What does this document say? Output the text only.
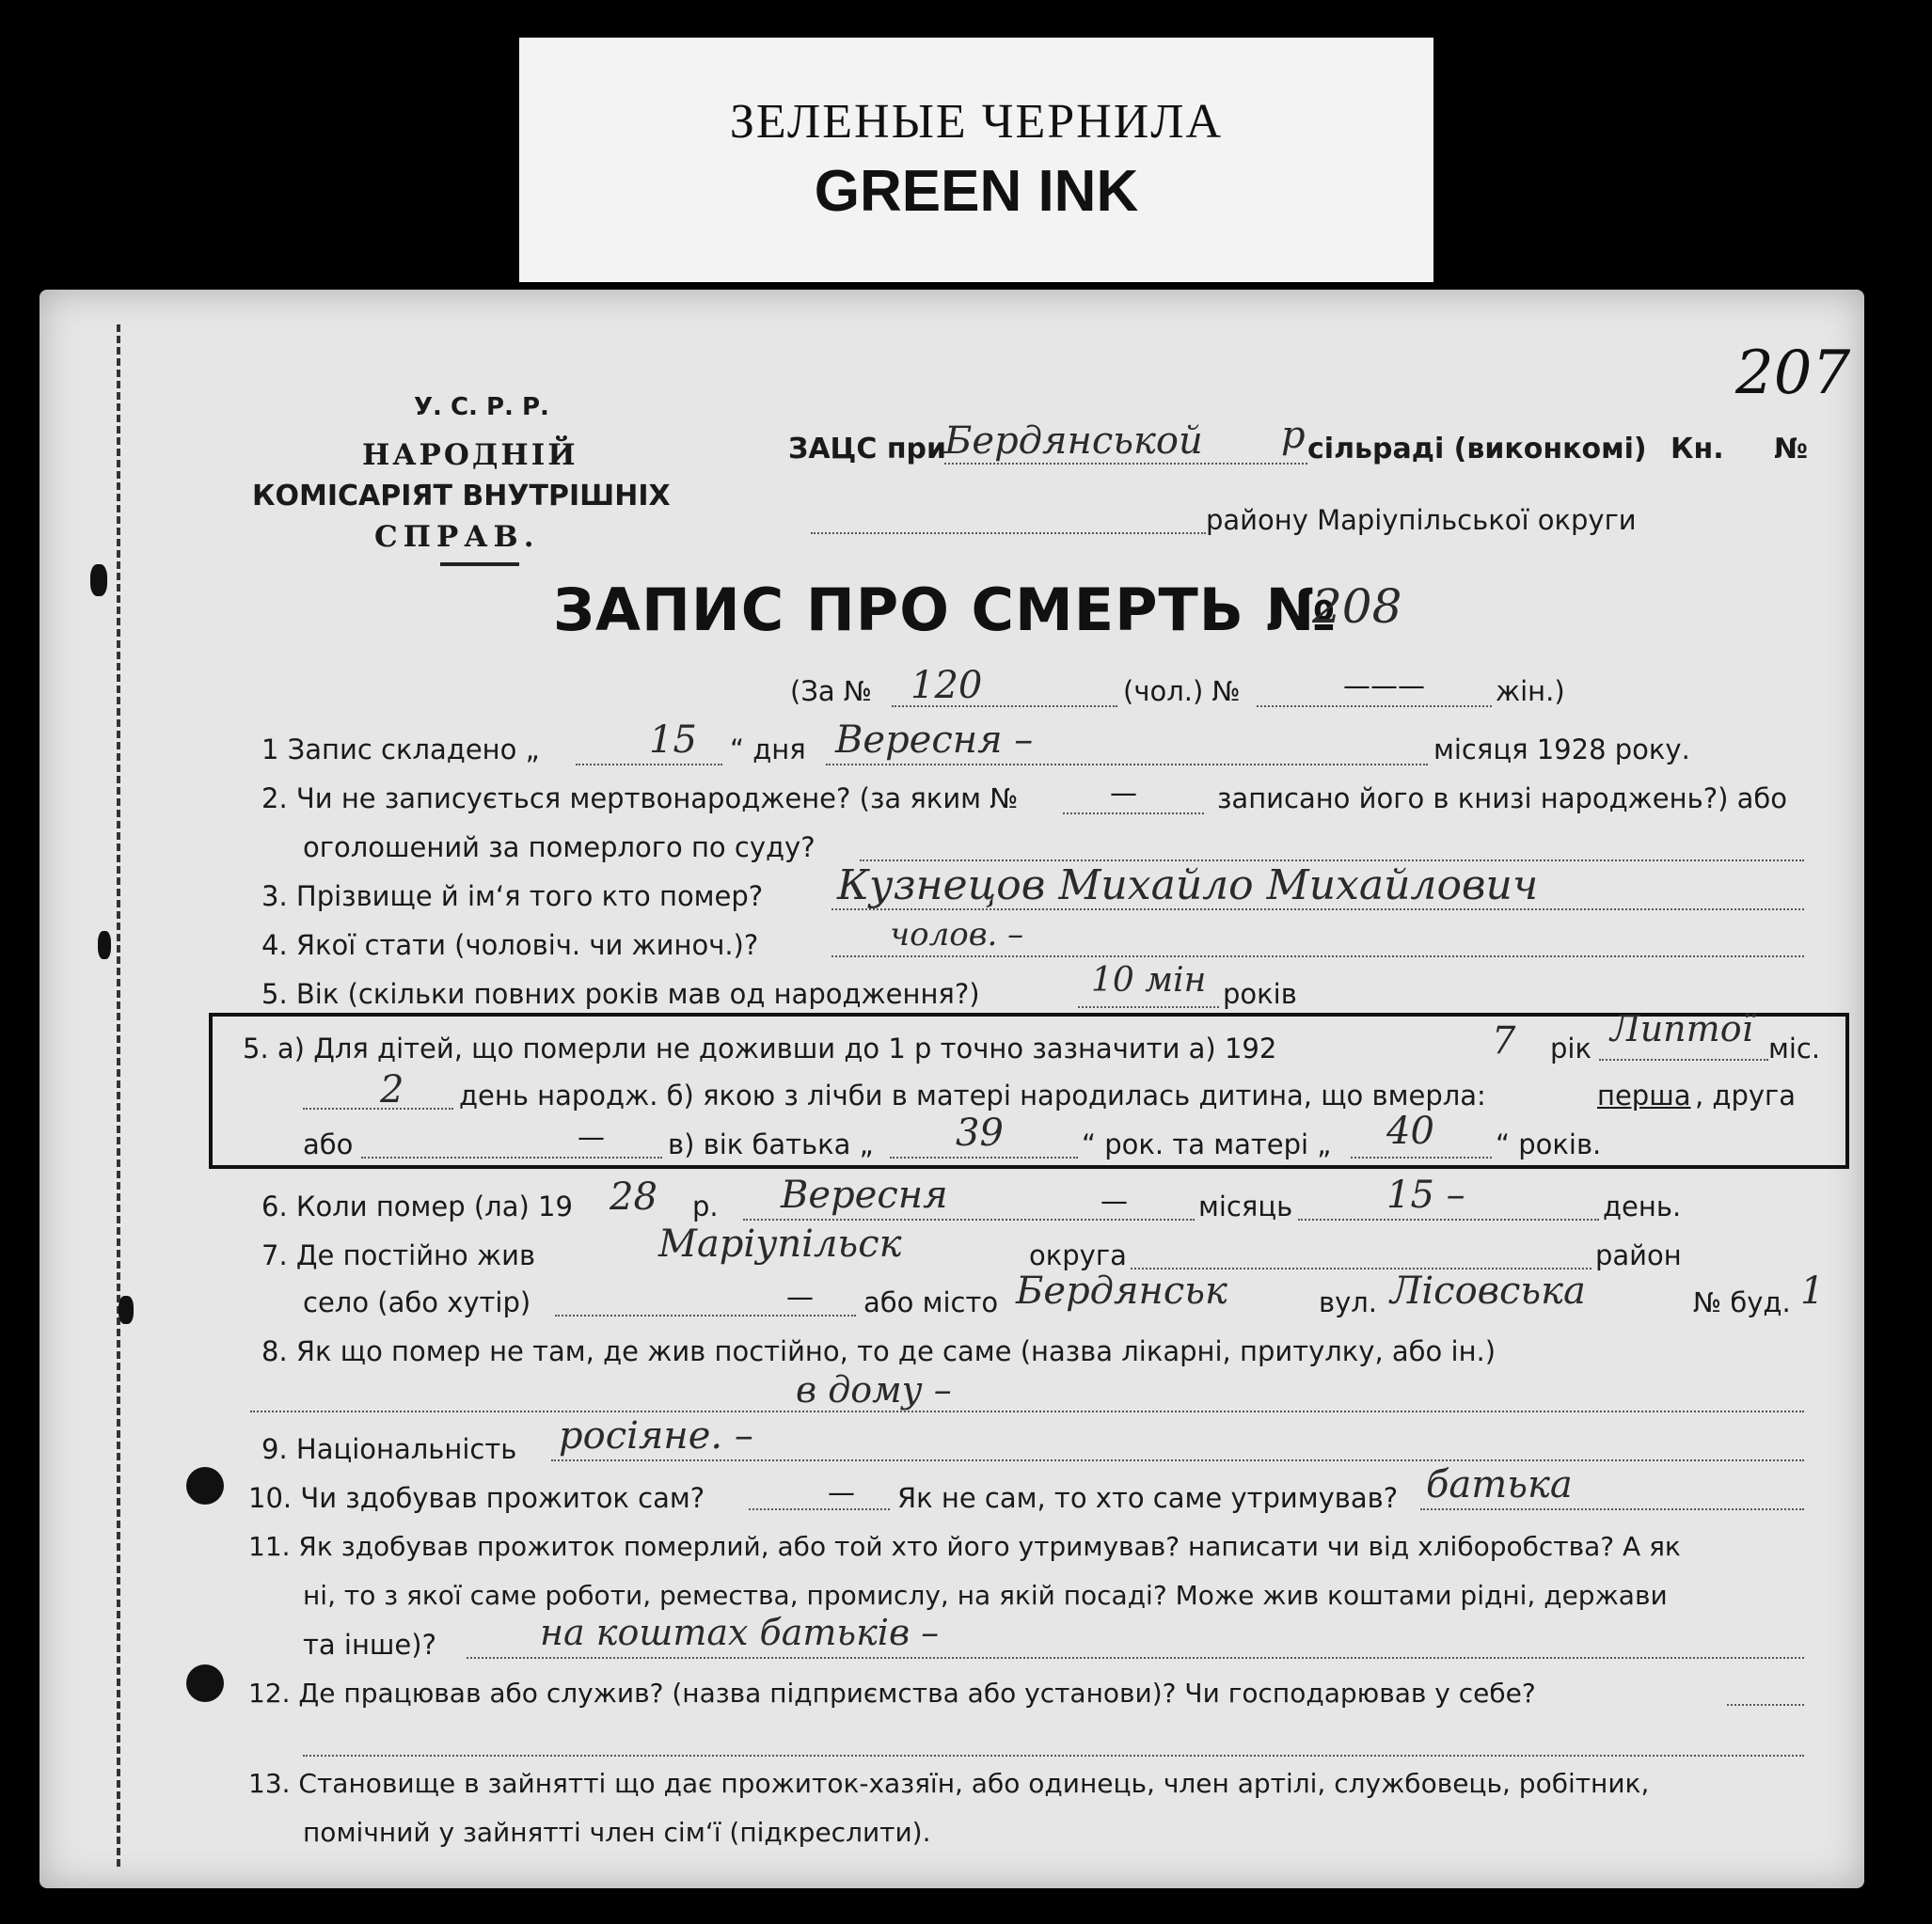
ЗЕЛЕНЫЕ ЧЕРНИЛА
GREEN INK
207
У. С. Р. Р.
НАРОДНІЙ
КОМІСАРІЯТ ВНУТРІШНІХ
СПРАВ.
ЗАЦС при
Бердянськой р сільраді (виконкомі) Кн. №
району Маріупільської округи
ЗАПИС ПРО СМЕРТЬ №
208
(За № 120	(чол.) №	жін.)
———
1 Запис складено „	15 “ дня Вересня –	місяця 1928 року.
2. Чи не записується мертвонароджене? (за яким №	—	записано його в книзі народжень?) або
оголошений за померлого по суду?
3. Прізвище й ім‘я того кто помер? Кузнецов Михайло Михайлович
4. Якої стати (чоловіч. чи жиноч.)?	чолов. –
5. Вік (скільки повних років мав од народження?)	10 мін років
5. а) Для дітей, що померли не доживши до 1 р точно зазначити а) 192	7 рік Липтої міс.
2 день народж. б) якою з лічби в матері народилась дитина, що вмерла:	перша , друга
або	— в) вік батька „ 39	“ рок. та матері „ 40 “ років.
6. Коли помер (ла) 19 28 р. Вересня	—	місяць 15 –	день.
7. Де постійно жив	Маріупільск	округа	район
село (або хутір)	— або місто Бердянськ	вул. Лісовська	№ буд. 1
8. Як що помер не там, де жив постійно, то де саме (назва лікарні, притулку, або ін.)
в дому –
9. Національність росіяне. –
10. Чи здобував прожиток сам?	— Як не сам, то хто саме утримував? батька
11. Як здобував прожиток померлий, або той хто його утримував? написати чи від хліборобства? А як
ні, то з якої саме роботи, ремества, промислу, на якій посаді? Може жив коштами рідні, держави
та інше)?	на коштах батьків –
12. Де працював або служив? (назва підприємства або установи)? Чи господарював у себе?
13. Становище в зайнятті що дає прожиток-хазяїн, або одинець, член артілі, службовець, робітник,
помічний у зайнятті член сім‘ї (підкреслити).
